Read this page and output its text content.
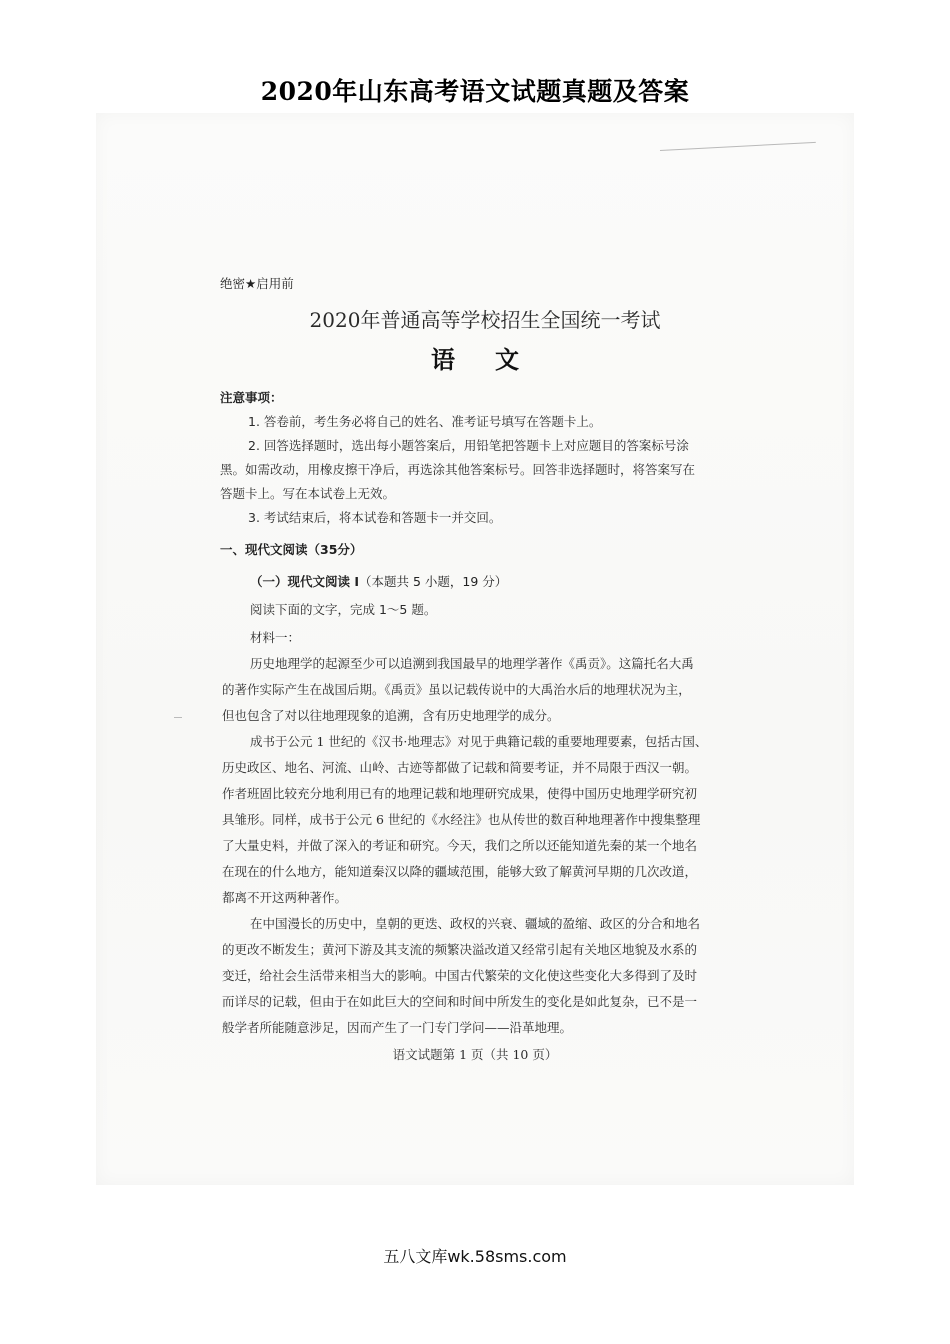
2020年山东高考语文试题真题及答案
绝密★启用前
2020年普通高等学校招生全国统一考试
语文
注意事项：
1. 答卷前，考生务必将自己的姓名、准考证号填写在答题卡上。
2. 回答选择题时，选出每小题答案后，用铅笔把答题卡上对应题目的答案标号涂
黑。如需改动，用橡皮擦干净后，再选涂其他答案标号。回答非选择题时，将答案写在
答题卡上。写在本试卷上无效。
3. 考试结束后，将本试卷和答题卡一并交回。
一、现代文阅读（35分）
（一）现代文阅读 I（本题共 5 小题，19 分）
阅读下面的文字，完成 1～5 题。
材料一：
历史地理学的起源至少可以追溯到我国最早的地理学著作《禹贡》。这篇托名大禹
的著作实际产生在战国后期。《禹贡》虽以记载传说中的大禹治水后的地理状况为主，
但也包含了对以往地理现象的追溯，含有历史地理学的成分。
成书于公元 1 世纪的《汉书·地理志》对见于典籍记载的重要地理要素，包括古国、
历史政区、地名、河流、山岭、古迹等都做了记载和简要考证，并不局限于西汉一朝。
作者班固比较充分地利用已有的地理记载和地理研究成果，使得中国历史地理学研究初
具雏形。同样，成书于公元 6 世纪的《水经注》也从传世的数百种地理著作中搜集整理
了大量史料，并做了深入的考证和研究。今天，我们之所以还能知道先秦的某一个地名
在现在的什么地方，能知道秦汉以降的疆域范围，能够大致了解黄河早期的几次改道，
都离不开这两种著作。
在中国漫长的历史中，皇朝的更迭、政权的兴衰、疆域的盈缩、政区的分合和地名
的更改不断发生；黄河下游及其支流的频繁决溢改道又经常引起有关地区地貌及水系的
变迁，给社会生活带来相当大的影响。中国古代繁荣的文化使这些变化大多得到了及时
而详尽的记载，但由于在如此巨大的空间和时间中所发生的变化是如此复杂，已不是一
般学者所能随意涉足，因而产生了一门专门学问——沿革地理。
语文试题第 1 页（共 10 页）
五八文库wk.58sms.com
